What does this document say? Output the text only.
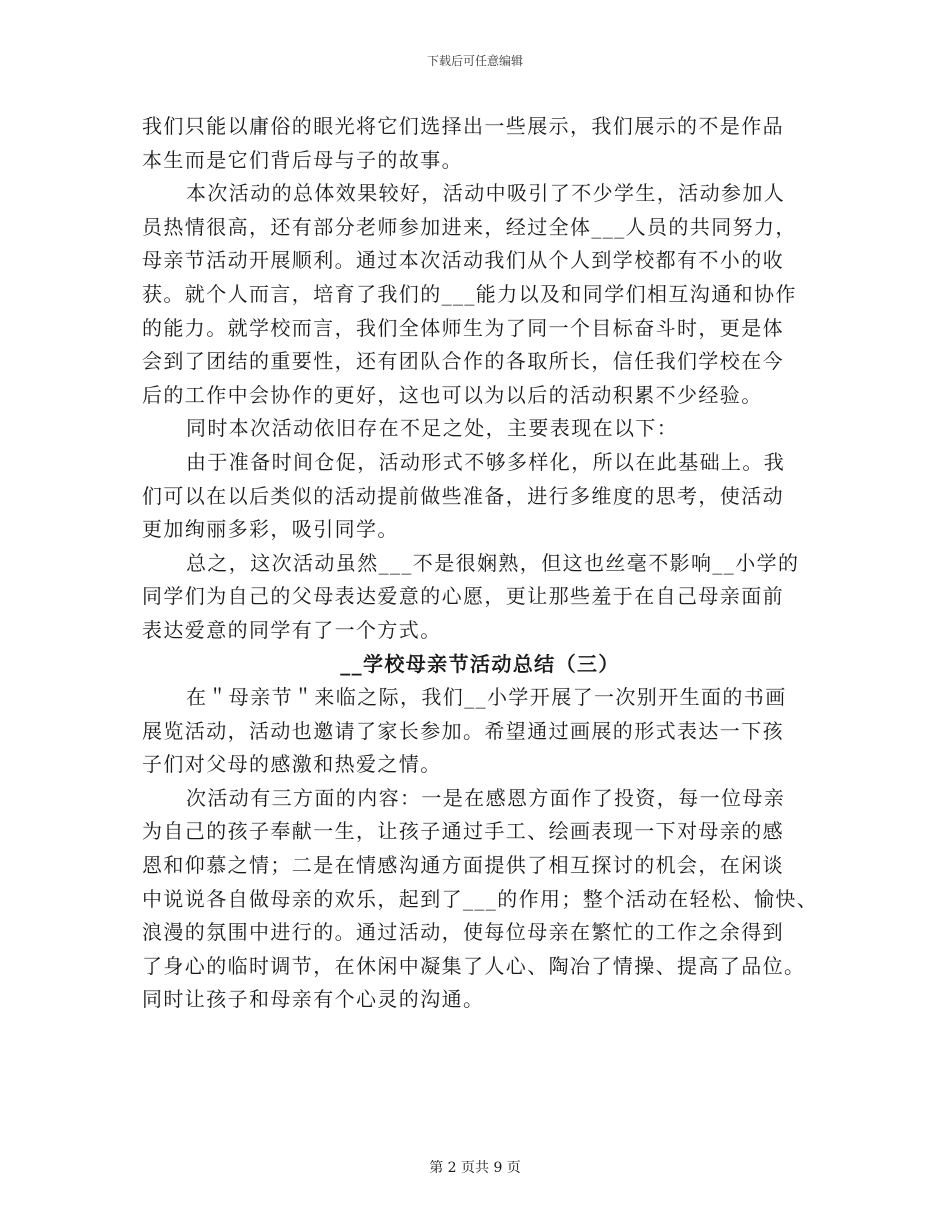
下载后可任意编辑
我们只能以庸俗的眼光将它们选择出一些展示，我们展示的不是作品
本生而是它们背后母与子的故事。
本次活动的总体效果较好，活动中吸引了不少学生，活动参加人
员热情很高，还有部分老师参加进来，经过全体___人员的共同努力，
母亲节活动开展顺利。通过本次活动我们从个人到学校都有不小的收
获。就个人而言，培育了我们的___能力以及和同学们相互沟通和协作
的能力。就学校而言，我们全体师生为了同一个目标奋斗时，更是体
会到了团结的重要性，还有团队合作的各取所长，信任我们学校在今
后的工作中会协作的更好，这也可以为以后的活动积累不少经验。
同时本次活动依旧存在不足之处，主要表现在以下：
由于准备时间仓促，活动形式不够多样化，所以在此基础上。我
们可以在以后类似的活动提前做些准备，进行多维度的思考，使活动
更加绚丽多彩，吸引同学。
总之，这次活动虽然___不是很娴熟，但这也丝毫不影响__小学的
同学们为自己的父母表达爱意的心愿，更让那些羞于在自己母亲面前
表达爱意的同学有了一个方式。
__学校母亲节活动总结（三）
在＂母亲节＂来临之际，我们__小学开展了一次别开生面的书画
展览活动，活动也邀请了家长参加。希望通过画展的形式表达一下孩
子们对父母的感激和热爱之情。
次活动有三方面的内容：一是在感恩方面作了投资，每一位母亲
为自己的孩子奉献一生，让孩子通过手工、绘画表现一下对母亲的感
恩和仰慕之情；二是在情感沟通方面提供了相互探讨的机会，在闲谈
中说说各自做母亲的欢乐，起到了___的作用；整个活动在轻松、愉快、
浪漫的氛围中进行的。通过活动，使每位母亲在繁忙的工作之余得到
了身心的临时调节，在休闲中凝集了人心、陶冶了情操、提高了品位。
同时让孩子和母亲有个心灵的沟通。
第 2 页共 9 页
